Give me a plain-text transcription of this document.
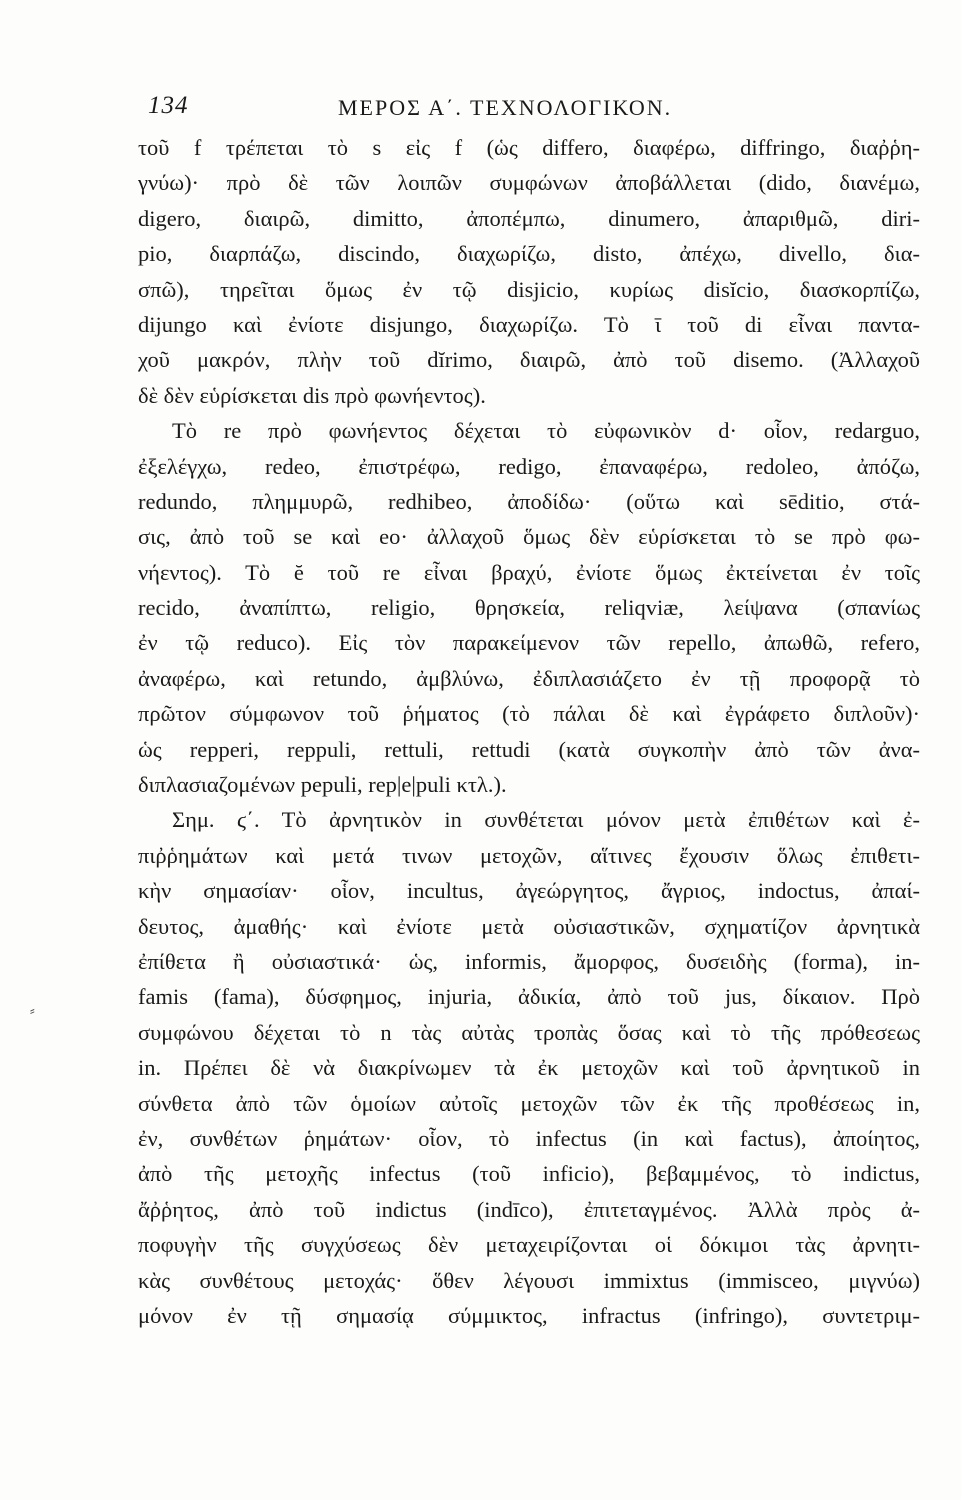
134	ΜΕΡΟΣ Α΄. ΤΕΧΝΟΛΟΓΙΚΟΝ.
τοῦ f τρέπεται τὸ s εἰς f (ὡς differo, διαφέρω, diffringo, διαῤῥη-
γνύω)· πρὸ δὲ τῶν λοιπῶν συμφώνων ἀποβάλλεται (dido, διανέμω,
digero, διαιρῶ, dimitto, ἀποπέμπω, dinumero, ἀπαριθμῶ, diri-
pio, διαρπάζω, discindo, διαχωρίζω, disto, ἀπέχω, divello, δια-
σπῶ), τηρεῖται ὅμως ἐν τῷ disjicio, κυρίως disĭcio, διασκορπίζω,
dijungo καὶ ἐνίοτε disjungo, διαχωρίζω. Τὸ ῑ τοῦ di εἶναι παντα-
χοῦ μακρόν, πλὴν τοῦ dĭrimo, διαιρῶ, ἀπὸ τοῦ disemo. (Ἀλλαχοῦ
δὲ δὲν εὑρίσκεται dis πρὸ φωνήεντος).
Τὸ re πρὸ φωνήεντος δέχεται τὸ εὐφωνικὸν d· οἷον, redarguo,
ἐξελέγχω, redeo, ἐπιστρέφω, redigo, ἐπαναφέρω, redoleo, ἀπόζω,
redundo, πλημμυρῶ, redhibeo, ἀποδίδω· (οὕτω καὶ sēditio, στά-
σις, ἀπὸ τοῦ se καὶ eo· ἀλλαχοῦ ὅμως δὲν εὑρίσκεται τὸ se πρὸ φω-
νήεντος). Τὸ ĕ τοῦ re εἶναι βραχύ, ἐνίοτε ὅμως ἐκτείνεται ἐν τοῖς
recido, ἀναπίπτω, religio, θρησκεία, reliqviæ, λείψανα (σπανίως
ἐν τῷ reduco). Εἰς τὸν παρακείμενον τῶν repello, ἀπωθῶ, refero,
ἀναφέρω, καὶ retundo, ἀμβλύνω, ἐδιπλασιάζετο ἐν τῇ προφορᾷ τὸ
πρῶτον σύμφωνον τοῦ ῥήματος (τὸ πάλαι δὲ καὶ ἐγράφετο διπλοῦν)·
ὡς repperi, reppuli, rettuli, rettudi (κατὰ συγκοπὴν ἀπὸ τῶν ἀνα-
διπλασιαζομένων pepuli, rep|e|puli κτλ.).
Σημ. ϛ΄. Τὸ ἀρνητικὸν in συνθέτεται μόνον μετὰ ἐπιθέτων καὶ ἐ-
πιῤῥημάτων καὶ μετά τινων μετοχῶν, αἵτινες ἔχουσιν ὅλως ἐπιθετι-
κὴν σημασίαν· οἷον, incultus, ἀγεώργητος, ἄγριος, indoctus, ἀπαί-
δευτος, ἀμαθής· καὶ ἐνίοτε μετὰ οὐσιαστικῶν, σχηματίζον ἀρνητικὰ
ἐπίθετα ἢ οὐσιαστικά· ὡς, informis, ἄμορφος, δυσειδὴς (forma), in-
famis (fama), δύσφημος, injuria, ἀδικία, ἀπὸ τοῦ jus, δίκαιον. Πρὸ
συμφώνου δέχεται τὸ n τὰς αὐτὰς τροπὰς ὅσας καὶ τὸ τῆς πρόθεσεως
in. Πρέπει δὲ νὰ διακρίνωμεν τὰ ἐκ μετοχῶν καὶ τοῦ ἀρνητικοῦ in
σύνθετα ἀπὸ τῶν ὁμοίων αὐτοῖς μετοχῶν τῶν ἐκ τῆς προθέσεως in,
ἐν, συνθέτων ῥημάτων· οἷον, τὸ infectus (in καὶ factus), ἀποίητος,
ἀπὸ τῆς μετοχῆς infectus (τοῦ inficio), βεβαμμένος, τὸ indictus,
ἄῤῥητος, ἀπὸ τοῦ indictus (indīco), ἐπιτεταγμένος. Ἀλλὰ πρὸς ἀ-
ποφυγὴν τῆς συγχύσεως δὲν μεταχειρίζονται οἱ δόκιμοι τὰς ἀρνητι-
κὰς συνθέτους μετοχάς· ὅθεν λέγουσι immixtus (immisceo, μιγνύω)
μόνον ἐν τῇ σημασίᾳ σύμμικτος, infractus (infringo), συντετριμ-
⸗
